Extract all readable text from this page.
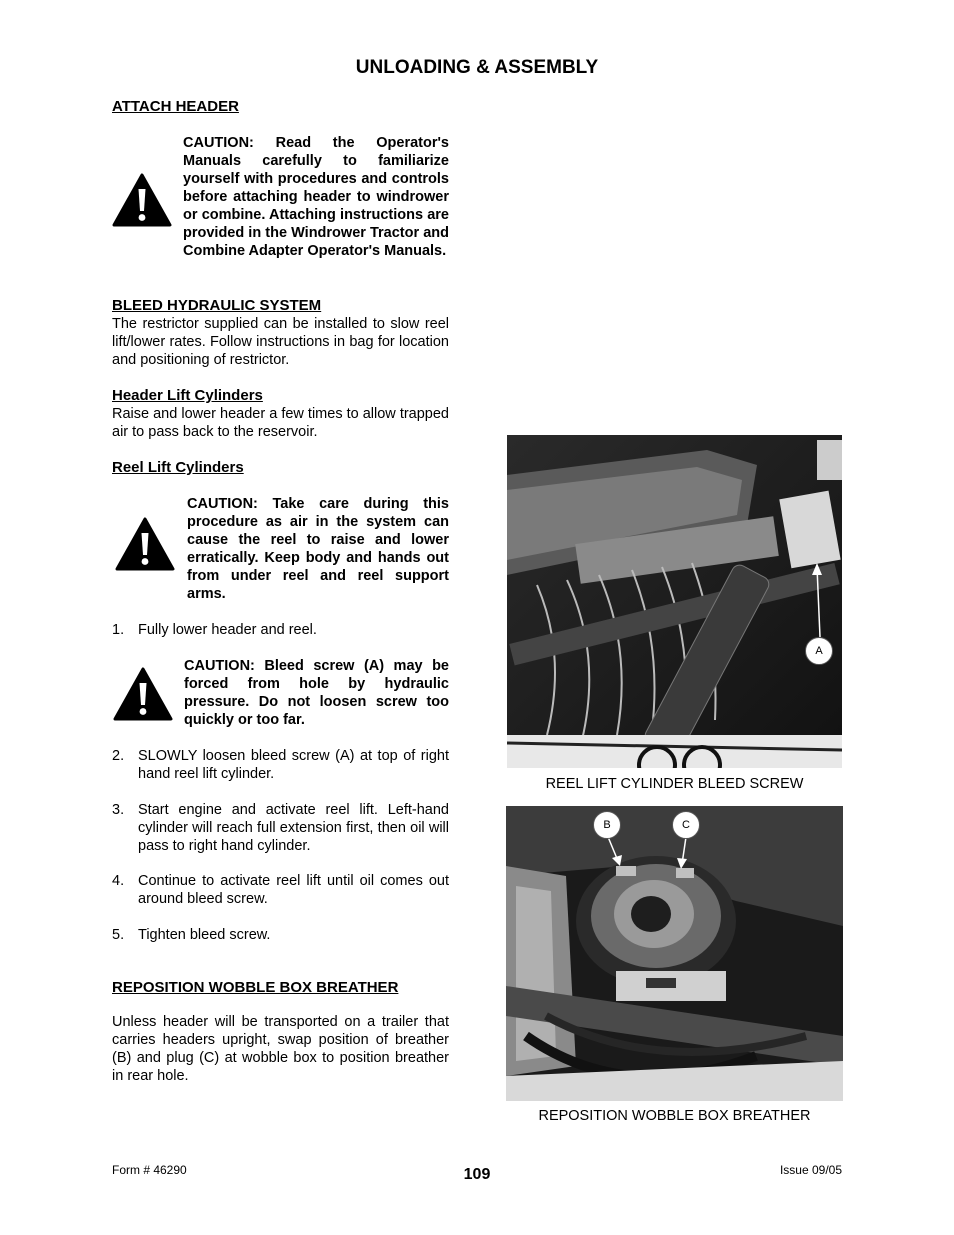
UNLOADING & ASSEMBLY
ATTACH HEADER
CAUTION: Read the Operator's Manuals carefully to familiarize yourself with procedures and controls before attaching header to windrower or combine. Attaching instructions are provided in the Windrower Tractor and Combine Adapter Operator's Manuals.
BLEED HYDRAULIC SYSTEM
The restrictor supplied can be installed to slow reel lift/lower rates. Follow instructions in bag for location and positioning of restrictor.
Header Lift Cylinders
Raise and lower header a few times to allow trapped air to pass back to the reservoir.
Reel Lift Cylinders
CAUTION: Take care during this procedure as air in the system can cause the reel to raise and lower erratically. Keep body and hands out from under reel and reel support arms.
1. Fully lower header and reel.
CAUTION: Bleed screw (A) may be forced from hole by hydraulic pressure. Do not loosen screw too quickly or too far.
2. SLOWLY loosen bleed screw (A) at top of right hand reel lift cylinder.
3. Start engine and activate reel lift. Left-hand cylinder will reach full extension first, then oil will pass to right hand cylinder.
4. Continue to activate reel lift until oil comes out around bleed screw.
5. Tighten bleed screw.
REPOSITION WOBBLE BOX BREATHER
Unless header will be transported on a trailer that carries headers upright, swap position of breather (B) and plug (C) at wobble box to position breather in rear hole.
A
REEL LIFT CYLINDER BLEED SCREW
B	C
REPOSITION WOBBLE BOX BREATHER
Form # 46290	109	Issue 09/05
